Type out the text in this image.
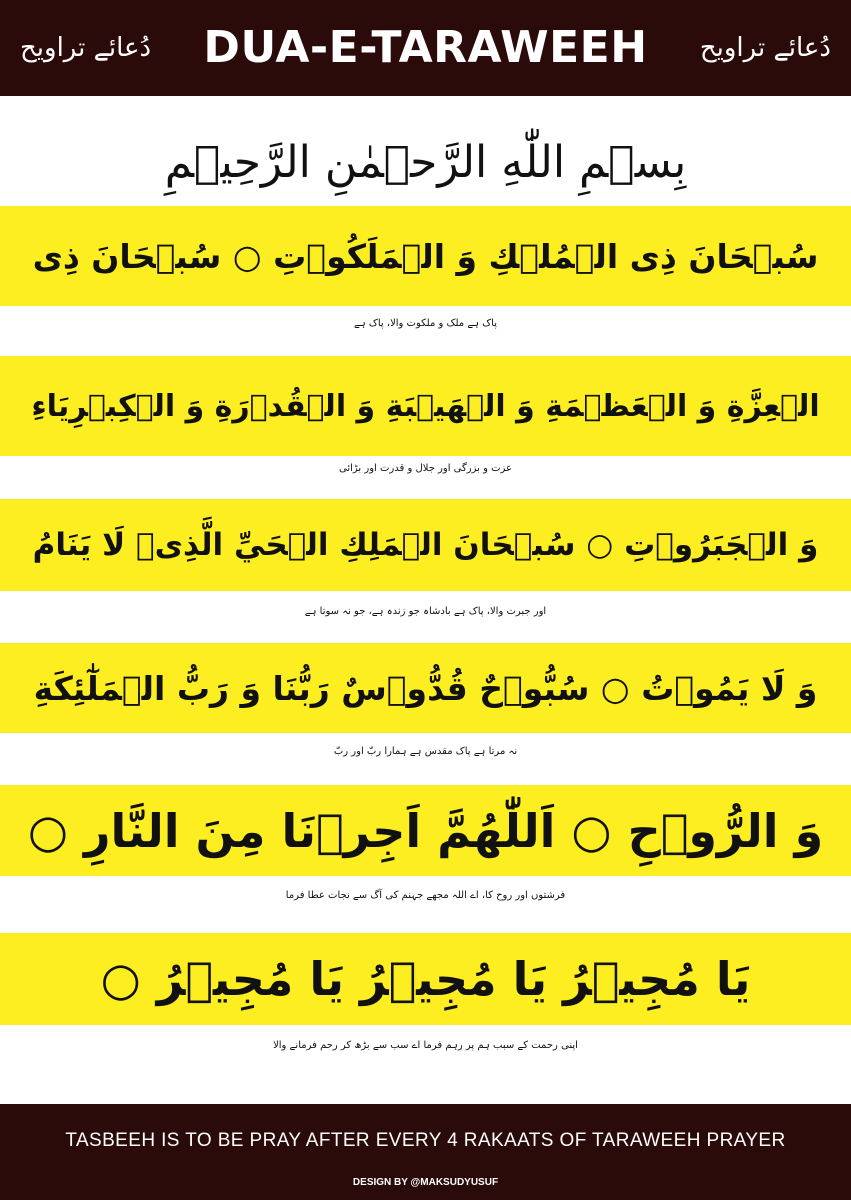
دُعائے تراویح	DUA-E-TARAWEEH	دُعائے تراویح
بِسۡمِ اللّٰهِ الرَّحۡمٰنِ الرَّحِيۡمِ
سُبۡحَانَ ذِی الۡمُلۡكِ وَ الۡمَلَكُوۡتِ ○ سُبۡحَانَ ذِی
پاک ہے ملک و ملکوت والا، پاک ہے
الۡعِزَّةِ وَ الۡعَظۡمَةِ وَ الۡهَيۡبَةِ وَ الۡقُدۡرَةِ وَ الۡكِبۡرِيَاءِ
عزت و بزرگی اور جلال و قدرت اور بڑائی
وَ الۡجَبَرُوۡتِ ○ سُبۡحَانَ الۡمَلِكِ الۡحَيِّ الَّذِیۡ لَا يَنَامُ
اور جبرت والا، پاک ہے بادشاہ جو زندہ ہے، جو نہ سوتا ہے
وَ لَا يَمُوۡتُ ○ سُبُّوۡحٌ قُدُّوۡسٌ رَبُّنَا وَ رَبُّ الۡمَلٰٓئِكَةِ
نہ مرتا ہے پاک مقدس ہے ہمارا ربّ اور ربّ
وَ الرُّوۡحِ ○ اَللّٰهُمَّ اَجِرۡنَا مِنَ النَّارِ ○
فرشتوں اور روح کا، اے اللہ مجھے جہنم کی آگ سے نجات عطا فرما
يَا مُجِيۡرُ يَا مُجِيۡرُ يَا مُجِيۡرُ ○
اپنی رحمت کے سبب ہم پر رہم فرما اے سب سے بڑھ کر رحم فرمانے والا
TASBEEH IS TO BE PRAY AFTER EVERY 4 RAKAATS OF TARAWEEH PRAYER
DESIGN BY @MAKSUDYUSUF
